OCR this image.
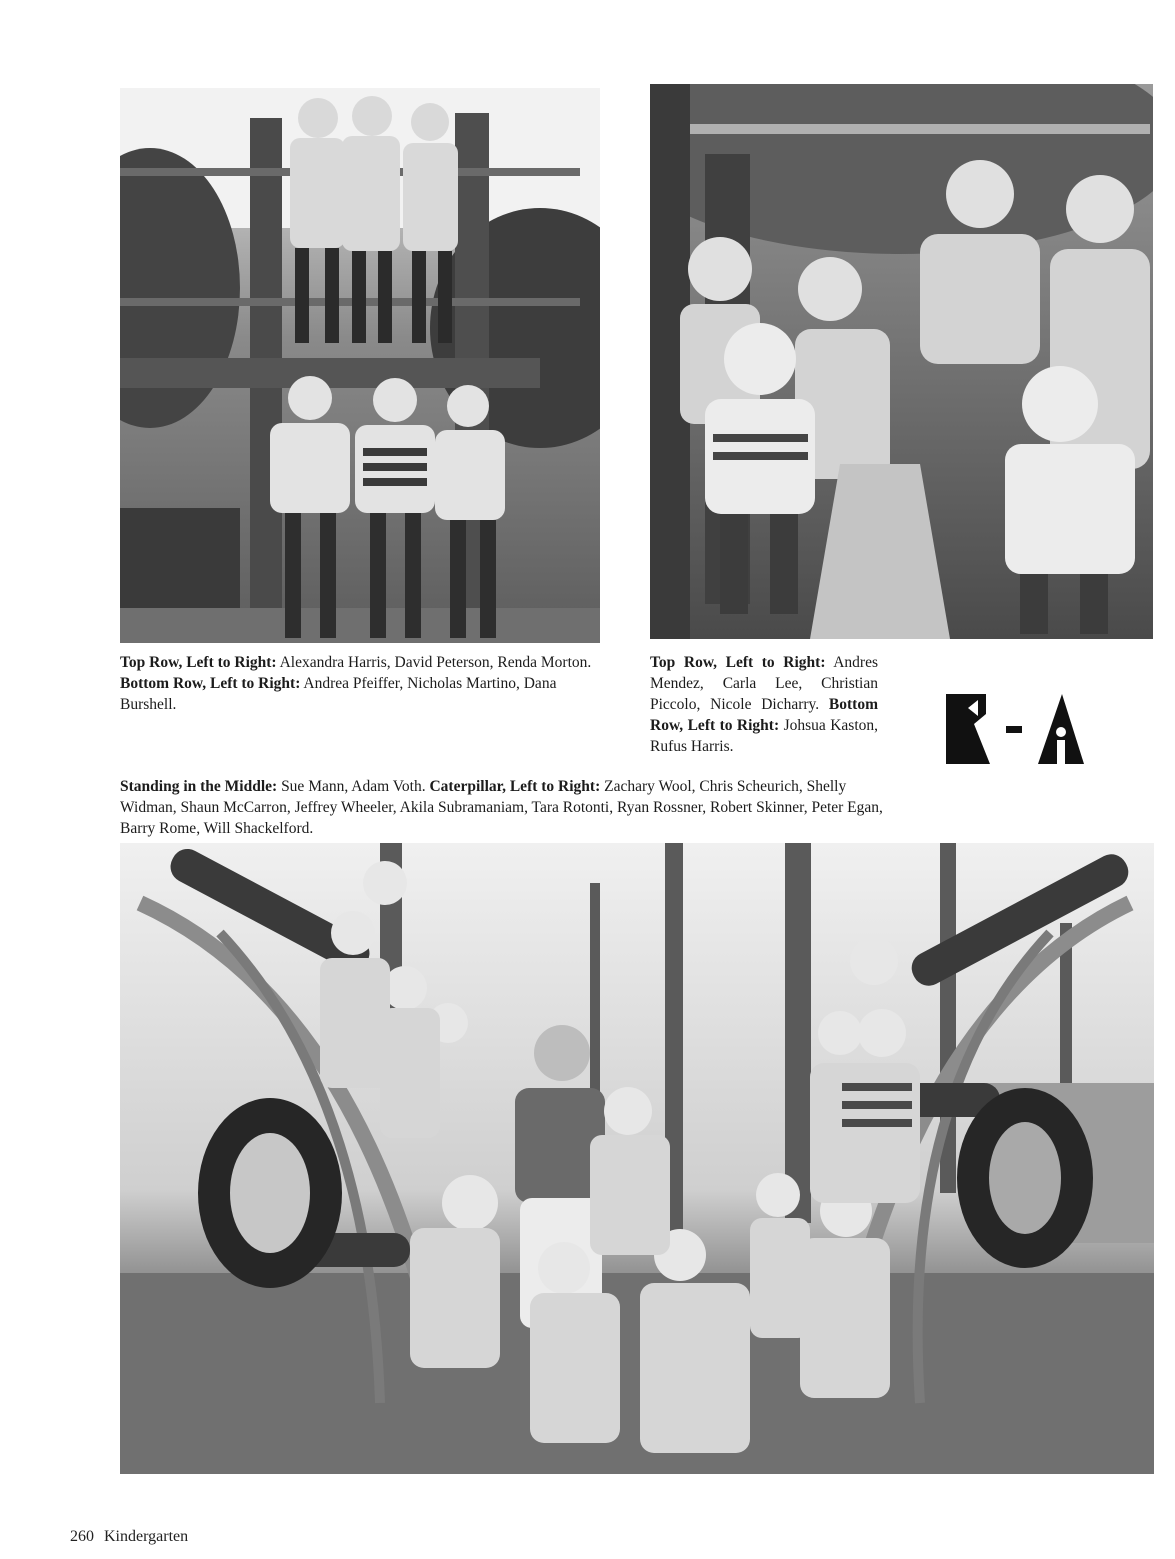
Top Row, Left to Right: Alexandra Harris, David Peterson, Renda Morton. Bottom Row, Left to Right: Andrea Pfeiffer, Nicholas Martino, Dana Burshell.
Top Row, Left to Right: Andres Mendez, Carla Lee, Christian Piccolo, Nicole Dicharry. Bottom Row, Left to Right: Johsua Kaston, Rufus Harris.
Standing in the Middle: Sue Mann, Adam Voth. Caterpillar, Left to Right: Zachary Wool, Chris Scheurich, Shelly Widman, Shaun McCarron, Jeffrey Wheeler, Akila Subramaniam, Tara Rotonti, Ryan Rossner, Robert Skinner, Peter Egan, Barry Rome, Will Shackelford.
260 Kindergarten
